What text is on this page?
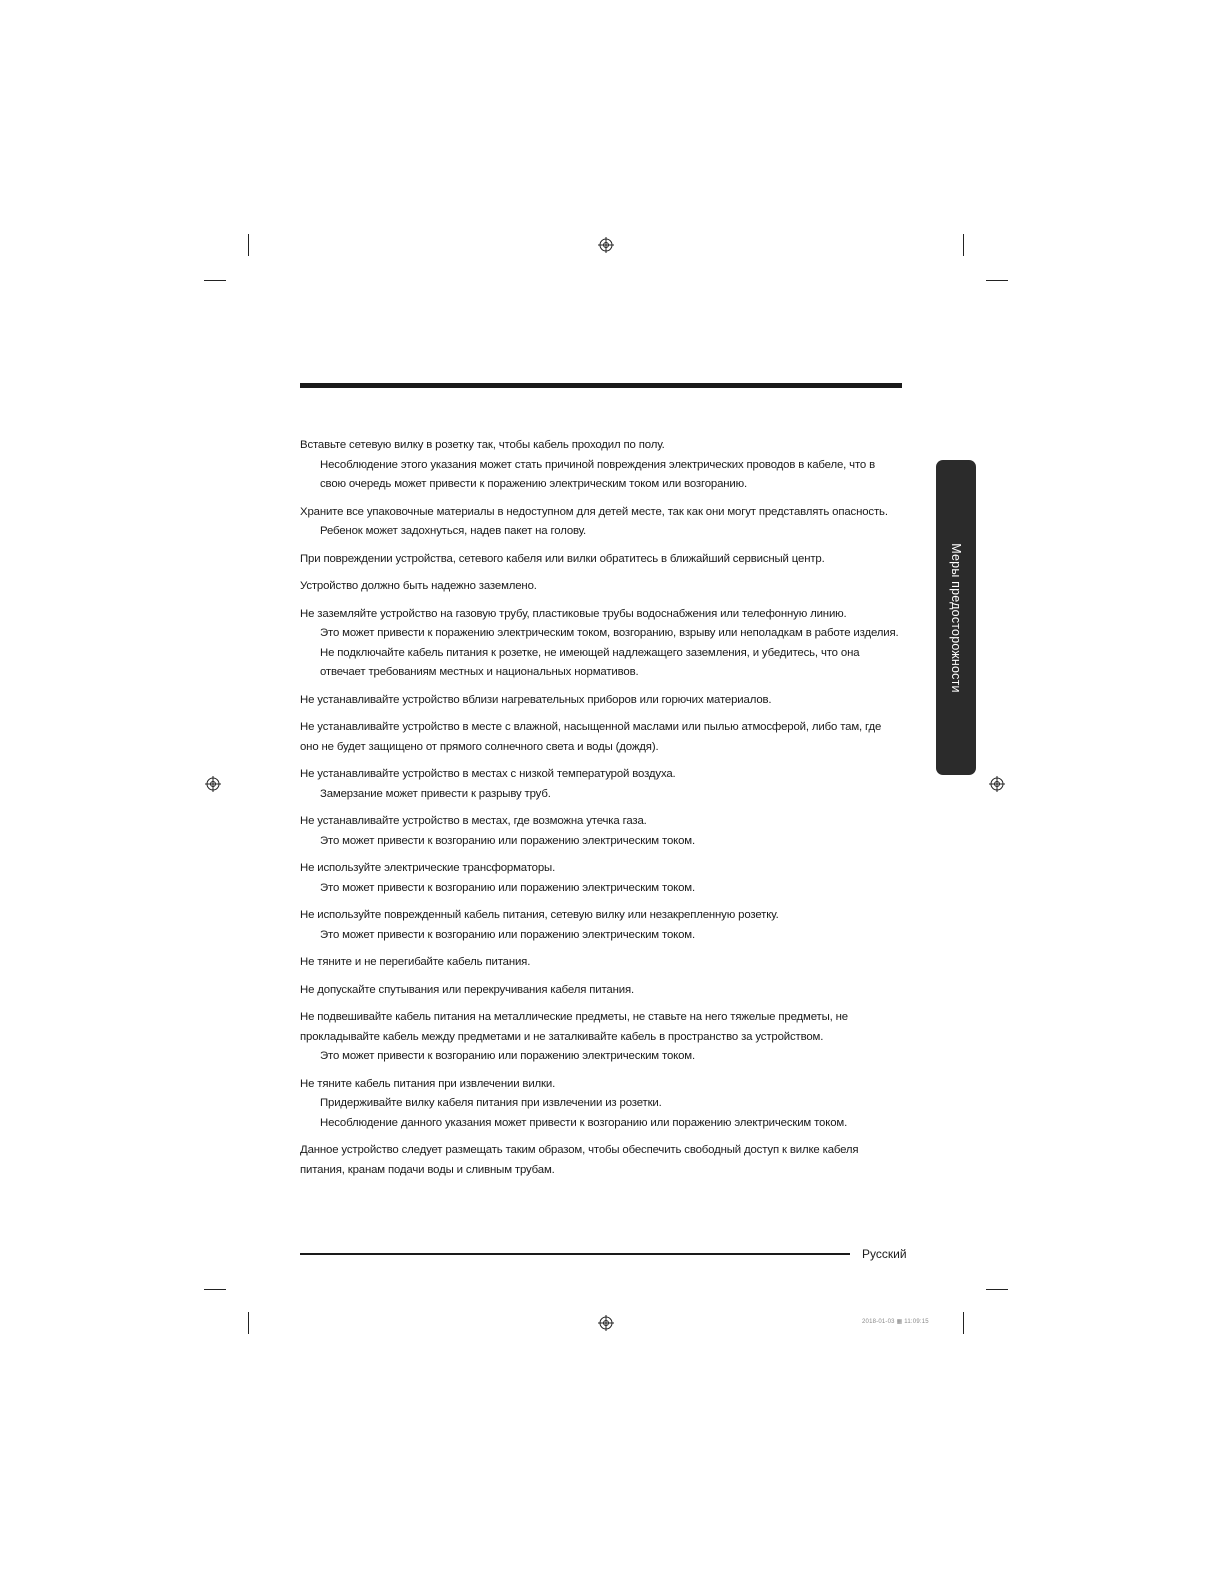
Вставьте сетевую вилку в розетку так, чтобы кабель проходил по полу.

Несоблюдение этого указания может стать причиной повреждения электрических проводов в кабеле, что в свою очередь может привести к поражению электрическим током или возгоранию.

Храните все упаковочные материалы в недоступном для детей месте, так как они могут представлять опасность.

Ребенок может задохнуться, надев пакет на голову.

При повреждении устройства, сетевого кабеля или вилки обратитесь в ближайший сервисный центр.

Устройство должно быть надежно заземлено.

Не заземляйте устройство на газовую трубу, пластиковые трубы водоснабжения или телефонную линию.

Это может привести к поражению электрическим током, возгоранию, взрыву или неполадкам в работе изделия.

Не подключайте кабель питания к розетке, не имеющей надлежащего заземления, и убедитесь, что она отвечает требованиям местных и национальных нормативов.

Не устанавливайте устройство вблизи нагревательных приборов или горючих материалов.

Не устанавливайте устройство в месте с влажной, насыщенной маслами или пылью атмосферой, либо там, где оно не будет защищено от прямого солнечного света и воды (дождя).

Не устанавливайте устройство в местах с низкой температурой воздуха.

Замерзание может привести к разрыву труб.

Не устанавливайте устройство в местах, где возможна утечка газа.

Это может привести к возгоранию или поражению электрическим током.

Не используйте электрические трансформаторы.

Это может привести к возгоранию или поражению электрическим током.

Не используйте поврежденный кабель питания, сетевую вилку или незакрепленную розетку.

Это может привести к возгоранию или поражению электрическим током.

Не тяните и не перегибайте кабель питания.

Не допускайте спутывания или перекручивания кабеля питания.

Не подвешивайте кабель питания на металлические предметы, не ставьте на него тяжелые предметы, не прокладывайте кабель между предметами и не заталкивайте кабель в пространство за устройством.

Это может привести к возгоранию или поражению электрическим током.

Не тяните кабель питания при извлечении вилки.

Придерживайте вилку кабеля питания при извлечении из розетки.

Несоблюдение данного указания может привести к возгоранию или поражению электрическим током.

Данное устройство следует размещать таким образом, чтобы обеспечить свободный доступ к вилке кабеля питания, кранам подачи воды и сливным трубам.

Меры предосторожности
Русский
2018-01-03 ▦ 11:09:15
